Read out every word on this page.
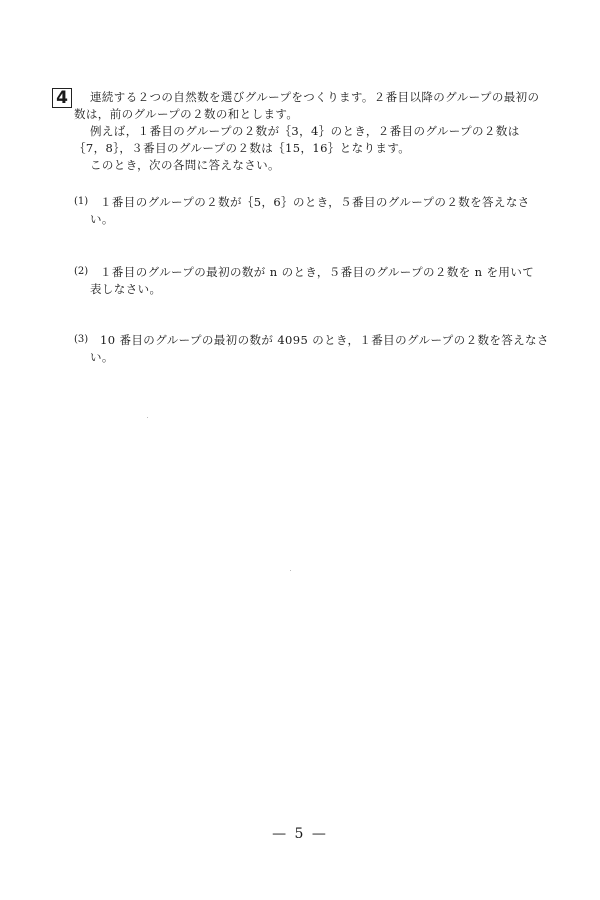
4	連続する２つの自然数を選びグループをつくります。２番目以降のグループの最初の
数は，前のグループの２数の和とします。
例えば，１番目のグループの２数が｛3，4｝のとき，２番目のグループの２数は
｛7，8｝，３番目のグループの２数は｛15，16｝となります。
このとき，次の各問に答えなさい。
(1) １番目のグループの２数が｛5，6｝のとき，５番目のグループの２数を答えなさ
い。
(2) １番目のグループの最初の数が n のとき，５番目のグループの２数を n を用いて
表しなさい。
(3) 10 番目のグループの最初の数が 4095 のとき，１番目のグループの２数を答えなさ
い。
— 5 —
